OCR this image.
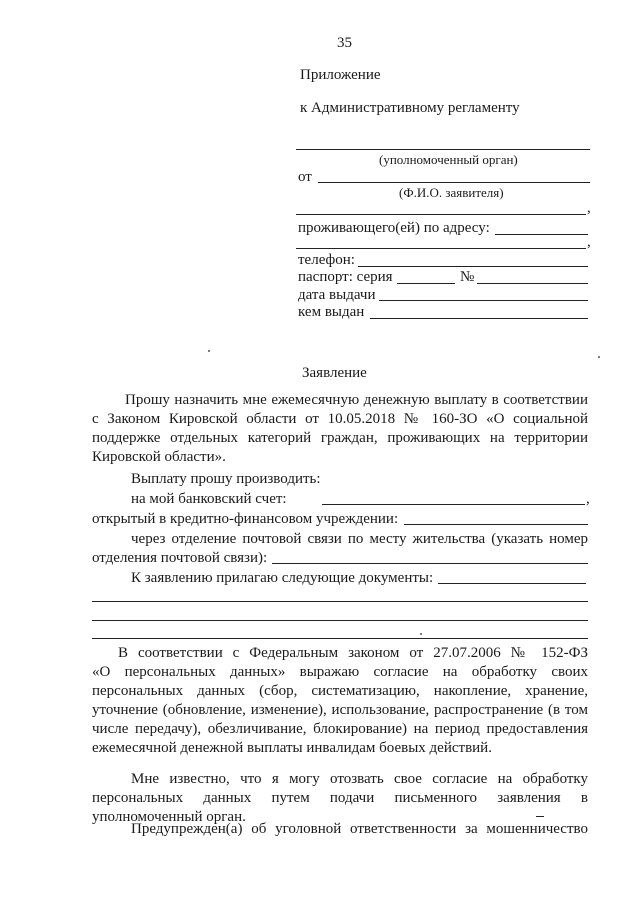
35
Приложение
к Административному регламенту
(уполномоченный орган)
от
(Ф.И.О. заявителя)
,
проживающего(ей) по адресу:
,
телефон:
паспорт: серия	№
дата выдачи
кем выдан
Заявление
Прошу назначить мне ежемесячную денежную выплату в соответствии
с Законом Кировской области от 10.05.2018 № 160-ЗО «О социальной
поддержке отдельных категорий граждан, проживающих на территории
Кировской области».
Выплату прошу производить:
на мой банковский счет:	,
открытый в кредитно-финансовом учреждении:
через отделение почтовой связи по месту жительства (указать номер
отделения почтовой связи):
К заявлению прилагаю следующие документы:
В соответствии с Федеральным законом от 27.07.2006 № 152-ФЗ
«О персональных данных» выражаю согласие на обработку своих
персональных данных (сбор, систематизацию, накопление, хранение,
уточнение (обновление, изменение), использование, распространение (в том
числе передачу), обезличивание, блокирование) на период предоставления
ежемесячной денежной выплаты инвалидам боевых действий.
Мне известно, что я могу отозвать свое согласие на обработку
персональных данных путем подачи письменного заявления в
уполномоченный орган.
Предупрежден(а) об уголовной ответственности за мошенничество
